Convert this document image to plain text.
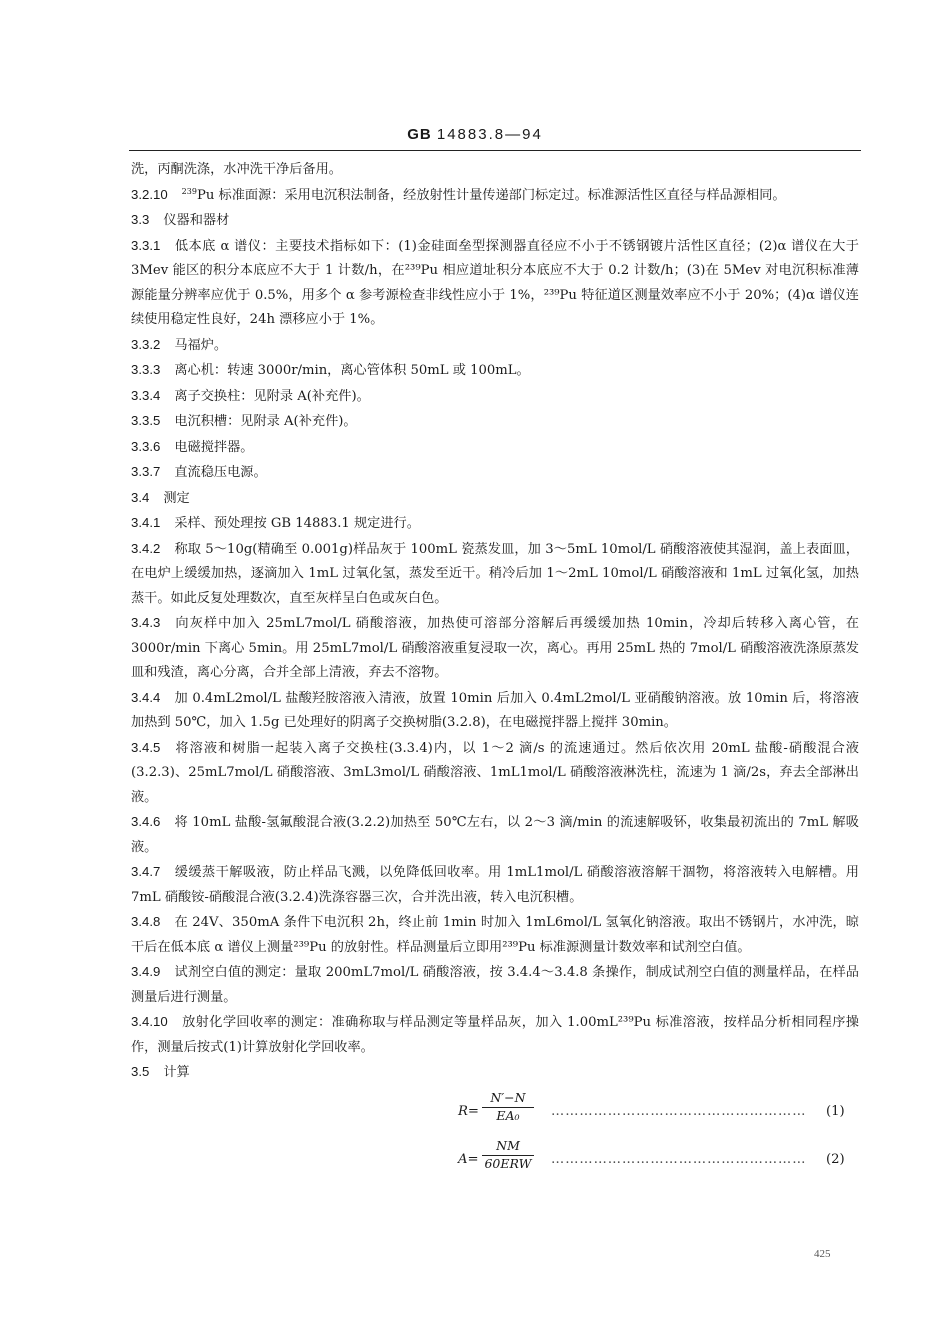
GB 14883.8—94

洗，丙酮洗涤，水冲洗干净后备用。

3.2.10 $^{239}$Pu 标准面源：采用电沉积法制备，经放射性计量传递部门标定过。标准源活性区直径与样品源相同。

3.3 仪器和器材

3.3.1 低本底 α 谱仪：主要技术指标如下：(1)金硅面垒型探测器直径应不小于不锈钢镀片活性区直径；(2)α 谱仪在大于 3Mev 能区的积分本底应不大于 1 计数/h，在²³⁹Pu 相应道址积分本底应不大于 0.2 计数/h；(3)在 5Mev 对电沉积标准薄源能量分辨率应优于 0.5%，用多个 α 参考源检查非线性应小于 1%，²³⁹Pu 特征道区测量效率应不小于 20%；(4)α 谱仪连续使用稳定性良好，24h 漂移应小于 1%。

3.3.2 马福炉。

3.3.3 离心机：转速 3000r/min，离心管体积 50mL 或 100mL。

3.3.4 离子交换柱：见附录 A(补充件)。

3.3.5 电沉积槽：见附录 A(补充件)。

3.3.6 电磁搅拌器。

3.3.7 直流稳压电源。

3.4 测定

3.4.1 采样、预处理按 GB 14883.1 规定进行。

3.4.2 称取 5～10g(精确至 0.001g)样品灰于 100mL 瓷蒸发皿，加 3～5mL 10mol/L 硝酸溶液使其湿润，盖上表面皿，在电炉上缓缓加热，逐滴加入 1mL 过氧化氢，蒸发至近干。稍冷后加 1～2mL 10mol/L 硝酸溶液和 1mL 过氧化氢，加热蒸干。如此反复处理数次，直至灰样呈白色或灰白色。

3.4.3 向灰样中加入 25mL7mol/L 硝酸溶液，加热使可溶部分溶解后再缓缓加热 10min，冷却后转移入离心管，在 3000r/min 下离心 5min。用 25mL7mol/L 硝酸溶液重复浸取一次，离心。再用 25mL 热的 7mol/L 硝酸溶液洗涤原蒸发皿和残渣，离心分离，合并全部上清液，弃去不溶物。

3.4.4 加 0.4mL2mol/L 盐酸羟胺溶液入清液，放置 10min 后加入 0.4mL2mol/L 亚硝酸钠溶液。放 10min 后，将溶液加热到 50℃，加入 1.5g 已处理好的阴离子交换树脂(3.2.8)，在电磁搅拌器上搅拌 30min。

3.4.5 将溶液和树脂一起装入离子交换柱(3.3.4)内，以 1～2 滴/s 的流速通过。然后依次用 20mL 盐酸-硝酸混合液(3.2.3)、25mL7mol/L 硝酸溶液、3mL3mol/L 硝酸溶液、1mL1mol/L 硝酸溶液淋洗柱，流速为 1 滴/2s，弃去全部淋出液。

3.4.6 将 10mL 盐酸-氢氟酸混合液(3.2.2)加热至 50℃左右，以 2～3 滴/min 的流速解吸钚，收集最初流出的 7mL 解吸液。

3.4.7 缓缓蒸干解吸液，防止样品飞溅，以免降低回收率。用 1mL1mol/L 硝酸溶液溶解干涸物，将溶液转入电解槽。用 7mL 硝酸铵-硝酸混合液(3.2.4)洗涤容器三次，合并洗出液，转入电沉积槽。

3.4.8 在 24V、350mA 条件下电沉积 2h，终止前 1min 时加入 1mL6mol/L 氢氧化钠溶液。取出不锈钢片，水冲洗，晾干后在低本底 α 谱仪上测量²³⁹Pu 的放射性。样品测量后立即用²³⁹Pu 标准源测量计数效率和试剂空白值。

3.4.9 试剂空白值的测定：量取 200mL7mol/L 硝酸溶液，按 3.4.4～3.4.8 条操作，制成试剂空白值的测量样品，在样品测量后进行测量。

3.4.10 放射化学回收率的测定：准确称取与样品测定等量样品灰，加入 1.00mL²³⁹Pu 标准溶液，按样品分析相同程序操作，测量后按式(1)计算放射化学回收率。

3.5 计算

$R= \frac{N'-N}{\text{EA₀}}$ ………………………………………………	(1)
A=
NM
60ERW ………………………………………………	(2)
425
